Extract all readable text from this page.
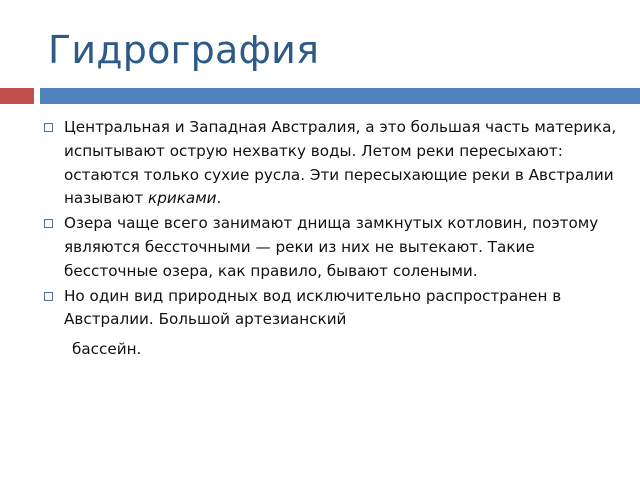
Гидрография
Центральная и Западная Австралия, а это большая часть материка, испытывают острую нехватку воды. Летом реки пересыхают: остаются только сухие русла. Эти пересыхающие реки в Австралии называют криками.
Озера чаще всего занимают днища замкнутых котловин, поэтому являются бессточными — реки из них не вытекают. Такие бессточные озера, как правило, бывают солеными.
Но один вид природных вод исключительно распространен в Австралии. Большой артезианский
бассейн.
